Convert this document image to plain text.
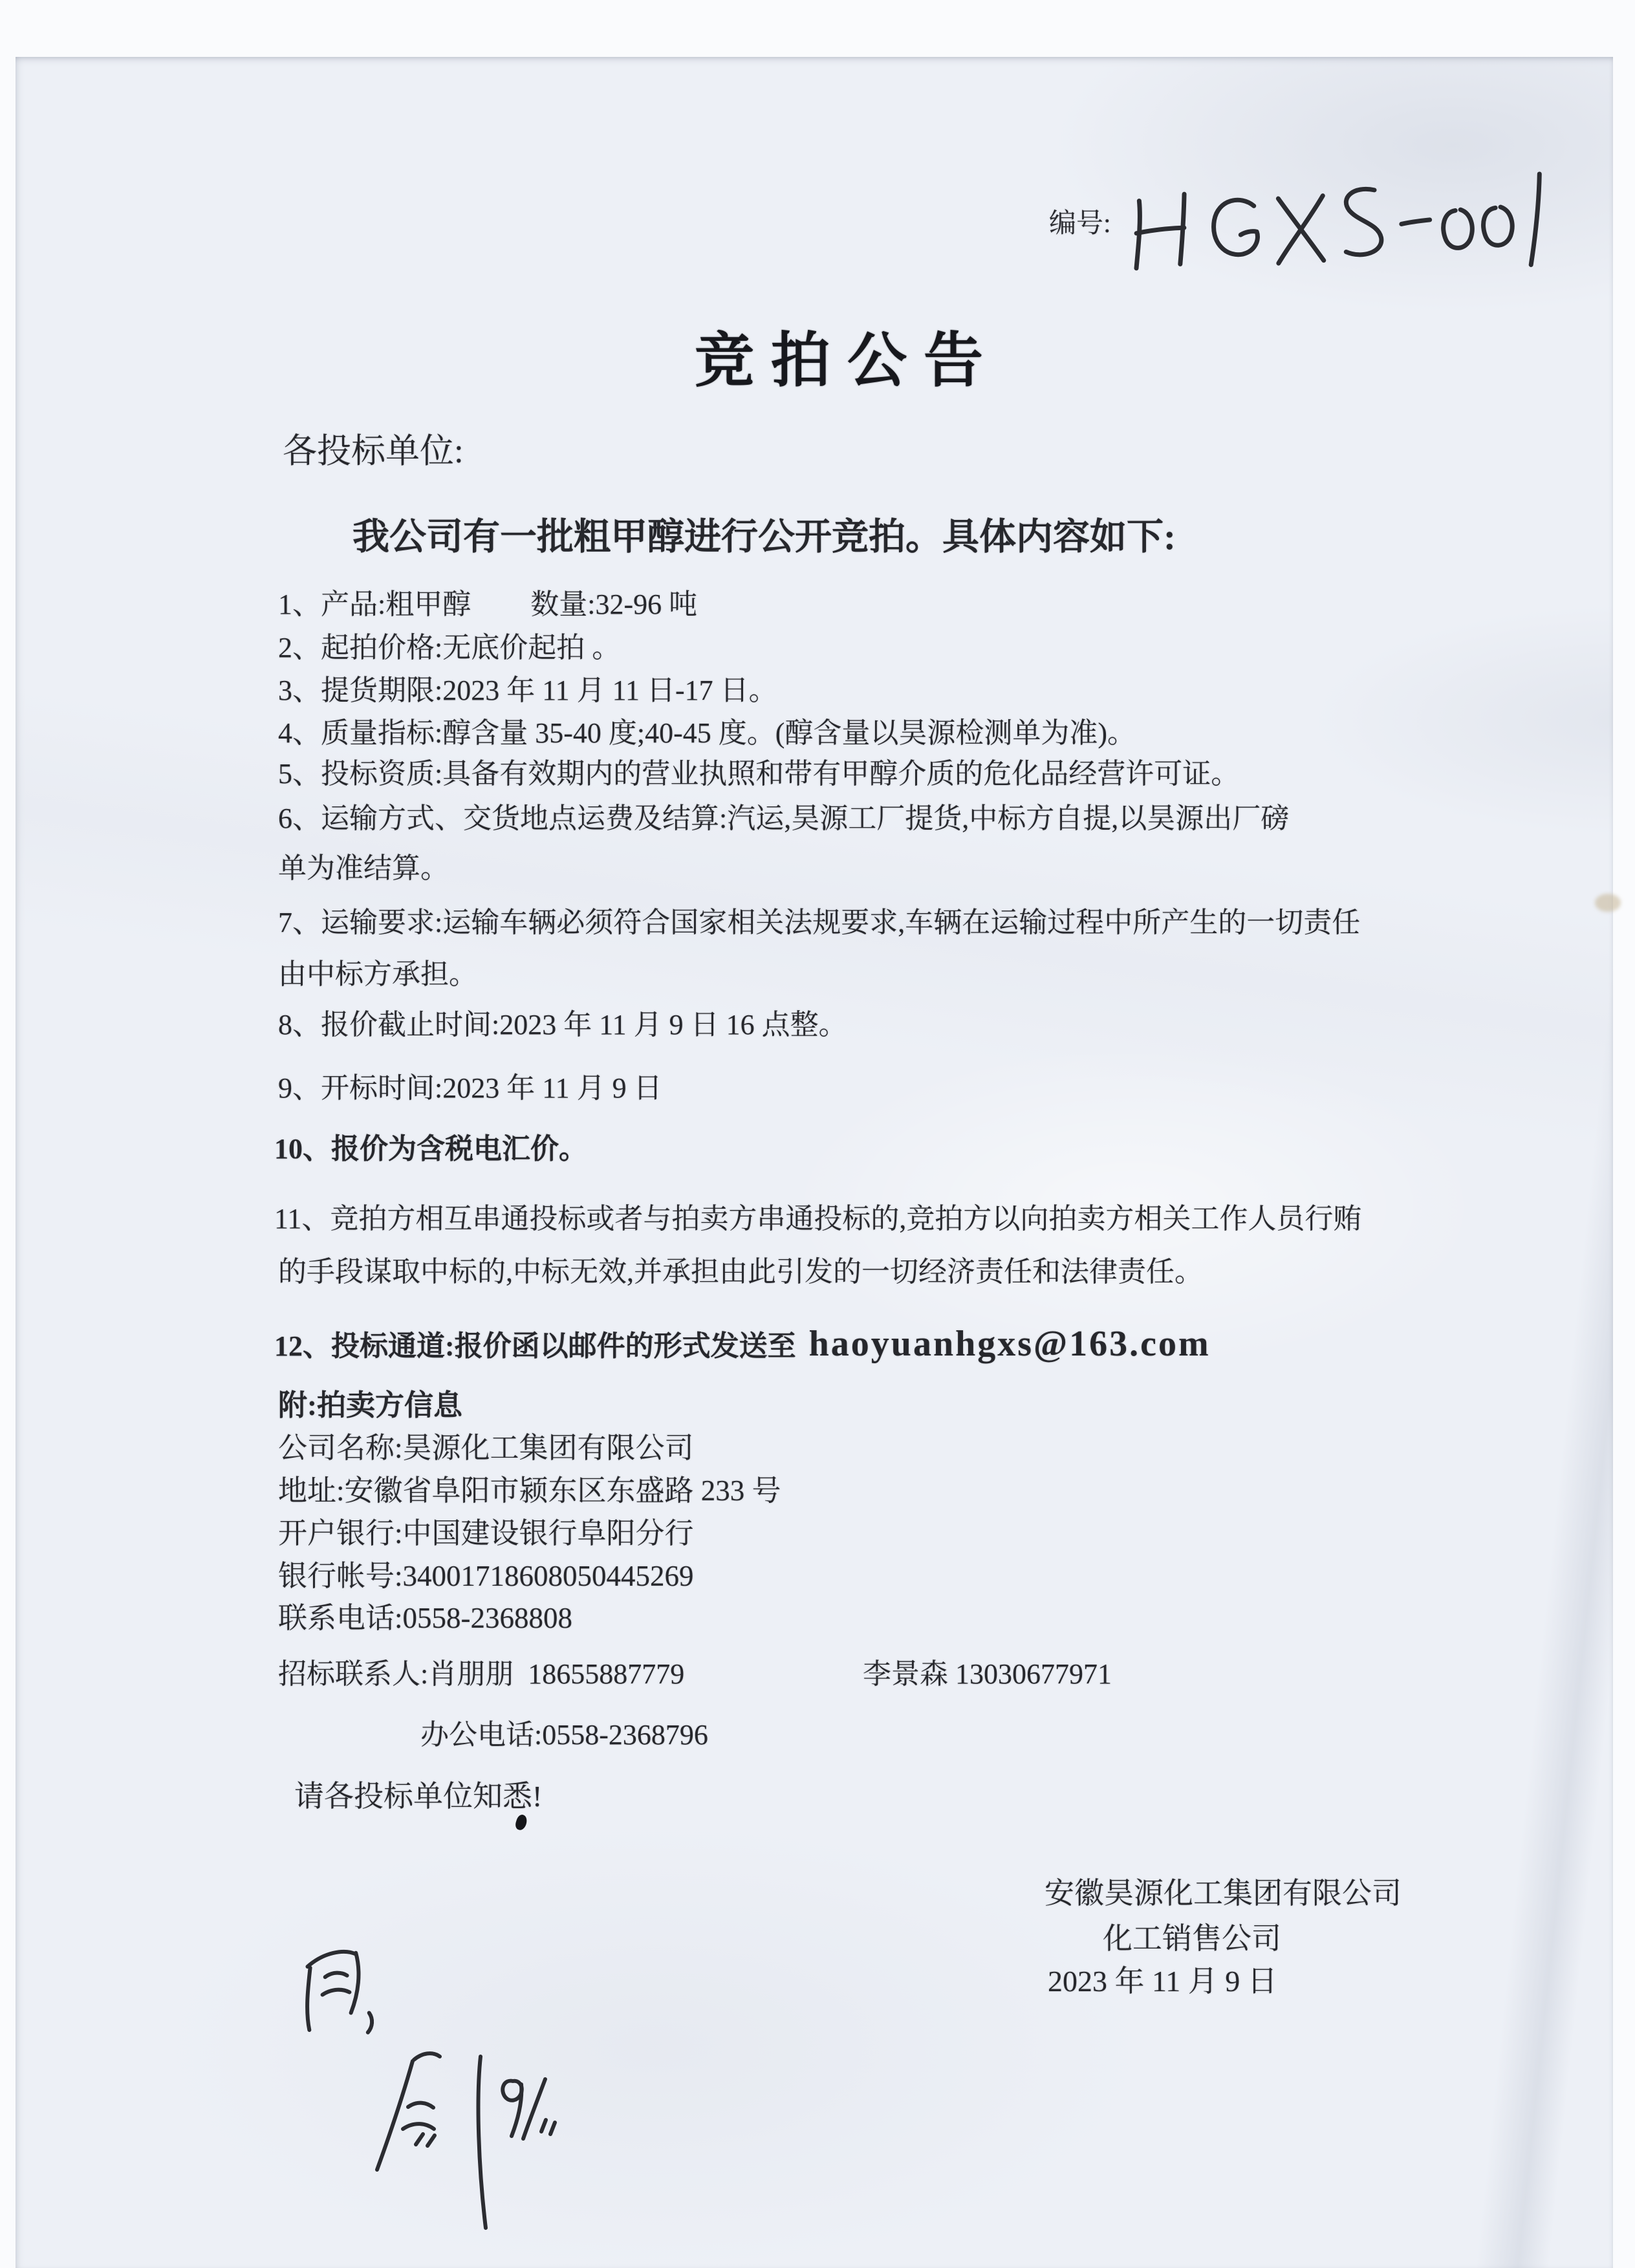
编号:
竞拍公告
各投标单位:
我公司有一批粗甲醇进行公开竞拍。具体内容如下:
1、产品:粗甲醇 数量:32-96 吨
2、起拍价格:无底价起拍 。
3、提货期限:2023 年 11 月 11 日-17 日。
4、质量指标:醇含量 35-40 度;40-45 度。(醇含量以昊源检测单为准)。
5、投标资质:具备有效期内的营业执照和带有甲醇介质的危化品经营许可证。
6、运输方式、交货地点运费及结算:汽运,昊源工厂提货,中标方自提,以昊源出厂磅
单为准结算。
7、运输要求:运输车辆必须符合国家相关法规要求,车辆在运输过程中所产生的一切责任
由中标方承担。
8、报价截止时间:2023 年 11 月 9 日 16 点整。
9、开标时间:2023 年 11 月 9 日
10、报价为含税电汇价。
11、竞拍方相互串通投标或者与拍卖方串通投标的,竞拍方以向拍卖方相关工作人员行贿
的手段谋取中标的,中标无效,并承担由此引发的一切经济责任和法律责任。
12、投标通道:报价函以邮件的形式发送至 haoyuanhgxs@163.com
附:拍卖方信息
公司名称:昊源化工集团有限公司
地址:安徽省阜阳市颍东区东盛路 233 号
开户银行:中国建设银行阜阳分行
银行帐号:34001718608050445269
联系电话:0558-2368808
招标联系人:肖朋朋  18655887779	李景森 13030677971
办公电话:0558-2368796
请各投标单位知悉!
安徽昊源化工集团有限公司
化工销售公司
2023 年 11 月 9 日
